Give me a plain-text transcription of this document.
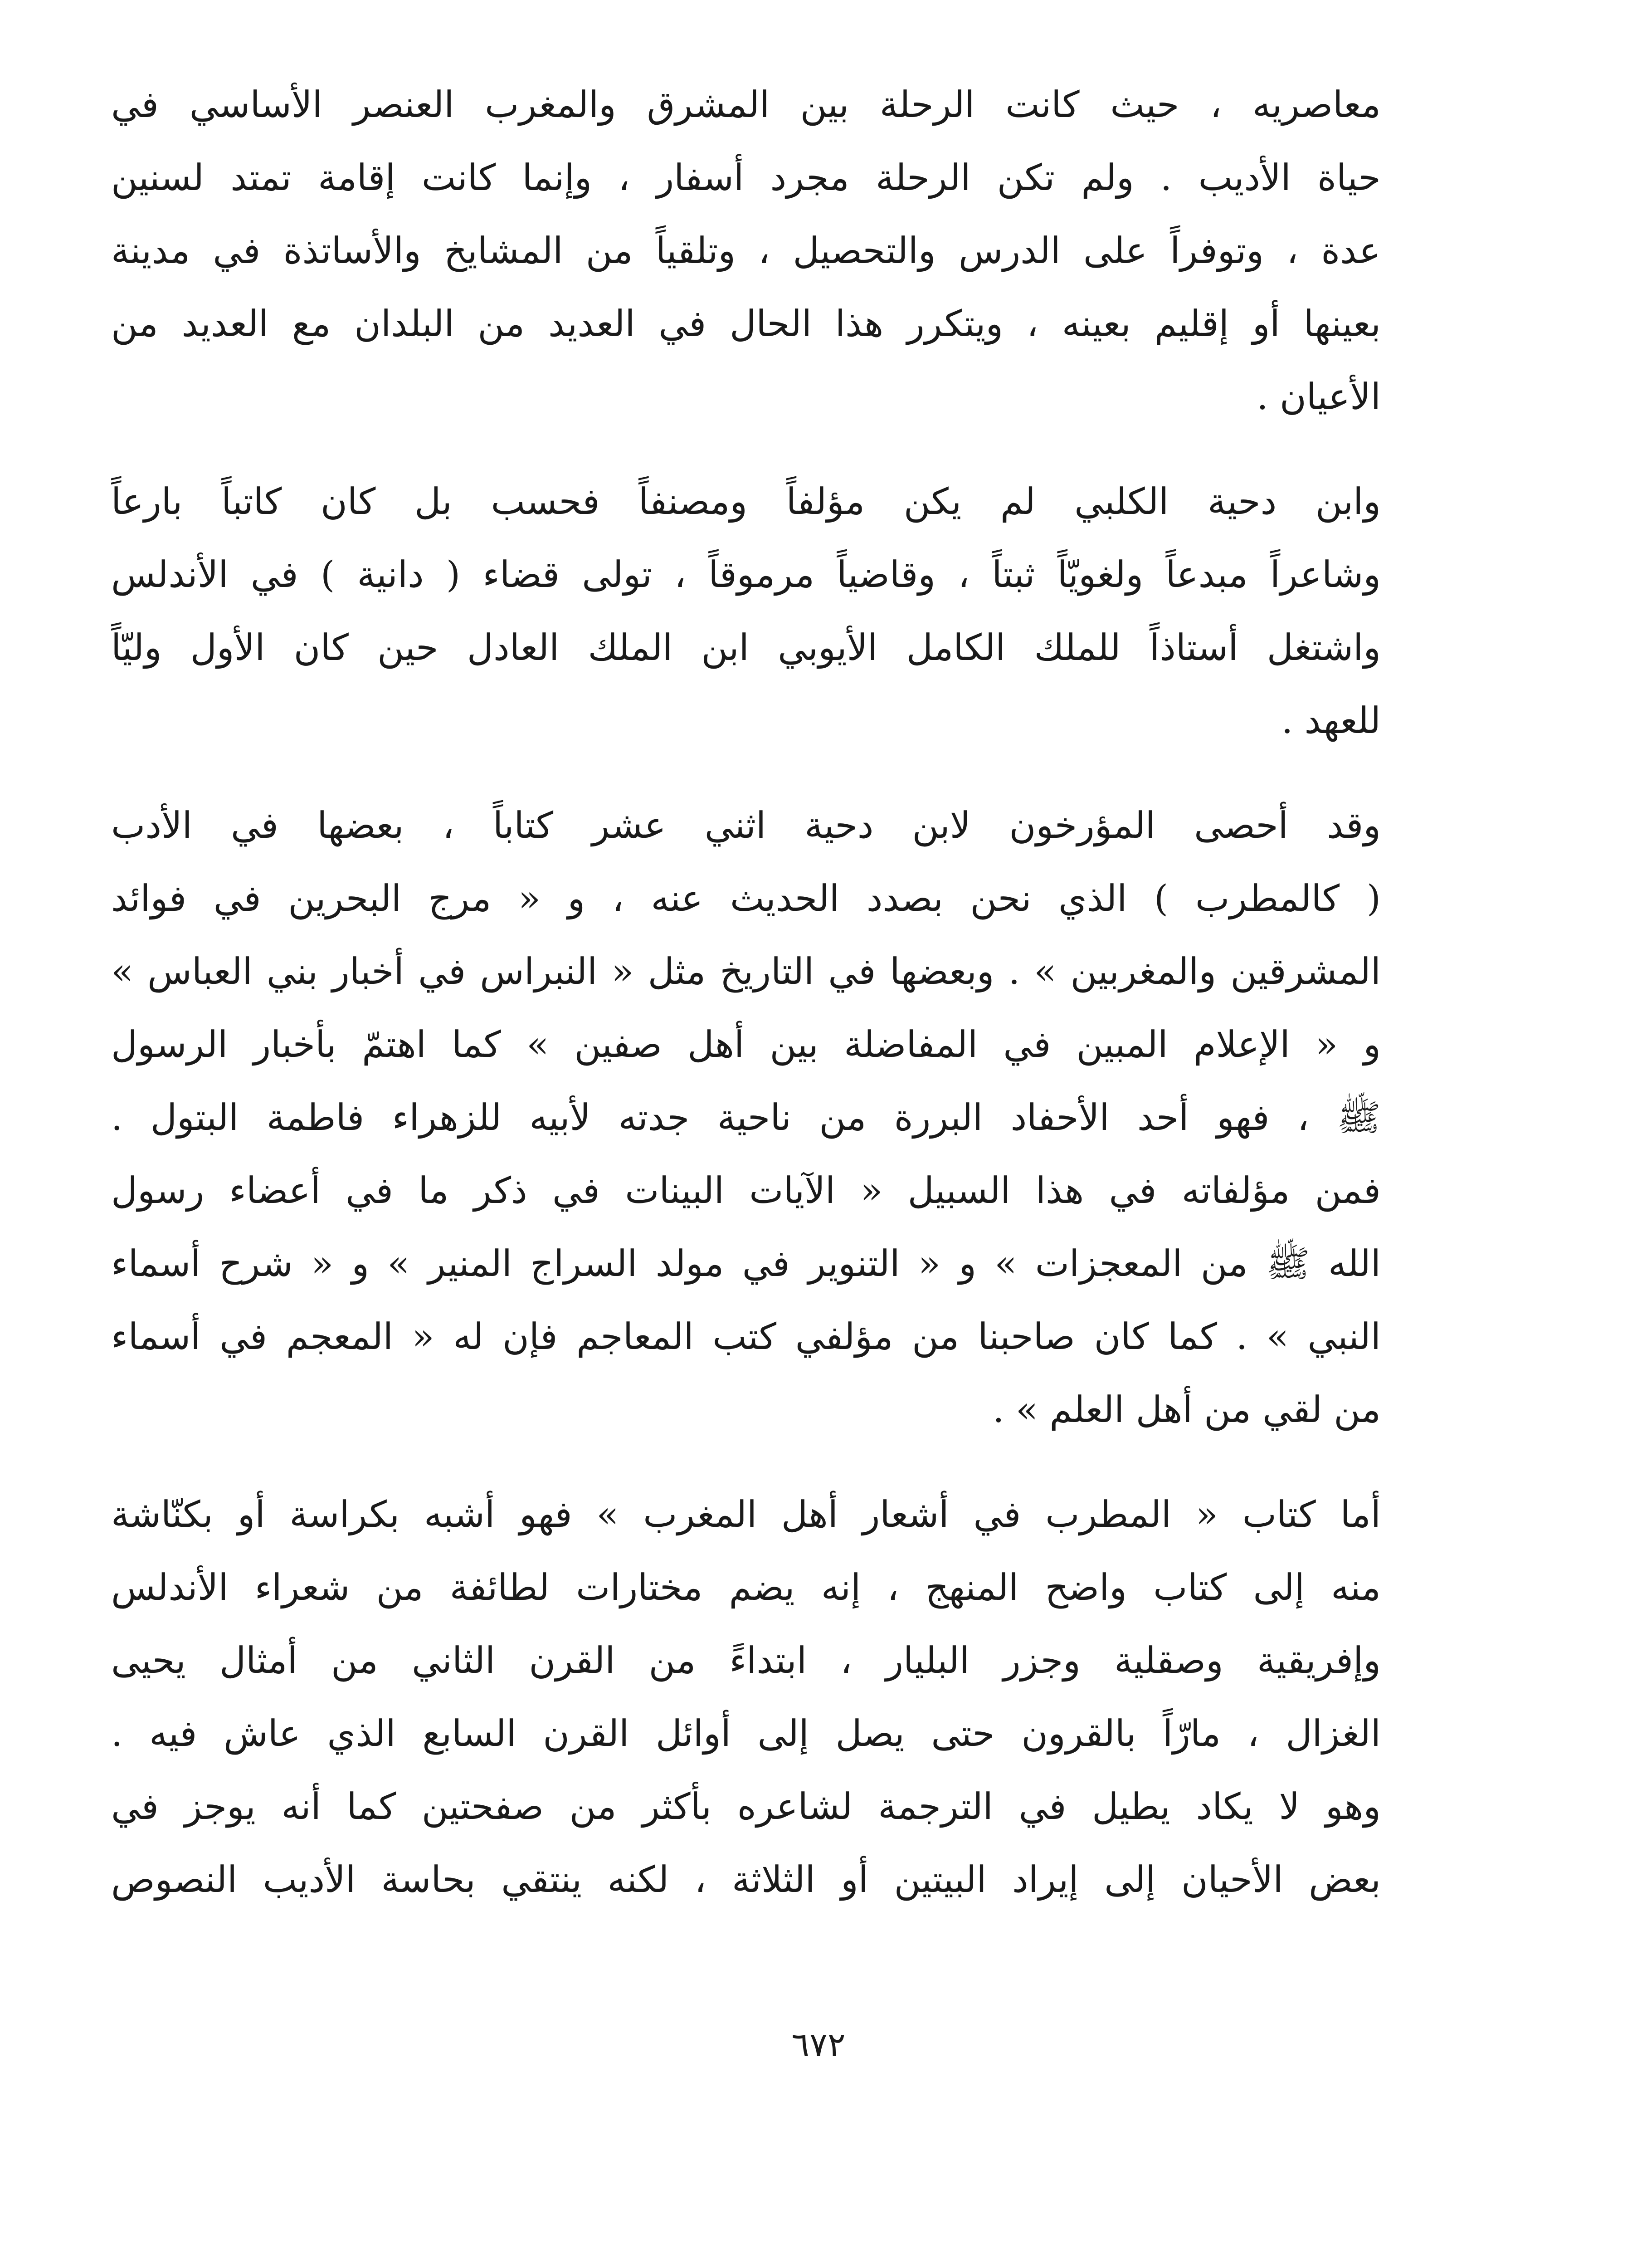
معاصريه ، حيث كانت الرحلة بين المشرق والمغرب العنصر الأساسي في
حياة الأديب . ولم تكن الرحلة مجرد أسفار ، وإنما كانت إقامة تمتد لسنين
عدة ، وتوفراً على الدرس والتحصيل ، وتلقياً من المشايخ والأساتذة في مدينة
بعينها أو إقليم بعينه ، ويتكرر هذا الحال في العديد من البلدان مع العديد من
الأعيان .

وابن دحية الكلبي لم يكن مؤلفاً ومصنفاً فحسب بل كان كاتباً بارعاً
وشاعراً مبدعاً ولغويّاً ثبتاً ، وقاضياً مرموقاً ، تولى قضاء ( دانية ) في الأندلس
واشتغل أستاذاً للملك الكامل الأيوبي ابن الملك العادل حين كان الأول وليّاً
للعهد .

وقد أحصى المؤرخون لابن دحية اثني عشر كتاباً ، بعضها في الأدب
( كالمطرب ) الذي نحن بصدد الحديث عنه ، و « مرج البحرين في فوائد
المشرقين والمغربين » . وبعضها في التاريخ مثل « النبراس في أخبار بني العباس »
و « الإعلام المبين في المفاضلة بين أهل صفين » كما اهتمّ بأخبار الرسول
ﷺ ، فهو أحد الأحفاد البررة من ناحية جدته لأبيه للزهراء فاطمة البتول .
فمن مؤلفاته في هذا السبيل « الآيات البينات في ذكر ما في أعضاء رسول
الله ﷺ من المعجزات » و « التنوير في مولد السراج المنير » و « شرح أسماء
النبي » . كما كان صاحبنا من مؤلفي كتب المعاجم فإن له « المعجم في أسماء
من لقي من أهل العلم » .

أما كتاب « المطرب في أشعار أهل المغرب » فهو أشبه بكراسة أو بكنّاشة
منه إلى كتاب واضح المنهج ، إنه يضم مختارات لطائفة من شعراء الأندلس
وإفريقية وصقلية وجزر البليار ، ابتداءً من القرن الثاني من أمثال يحيى
الغزال ، مارّاً بالقرون حتى يصل إلى أوائل القرن السابع الذي عاش فيه .
وهو لا يكاد يطيل في الترجمة لشاعره بأكثر من صفحتين كما أنه يوجز في
بعض الأحيان إلى إيراد البيتين أو الثلاثة ، لكنه ينتقي بحاسة الأديب النصوص

٦٧٢
